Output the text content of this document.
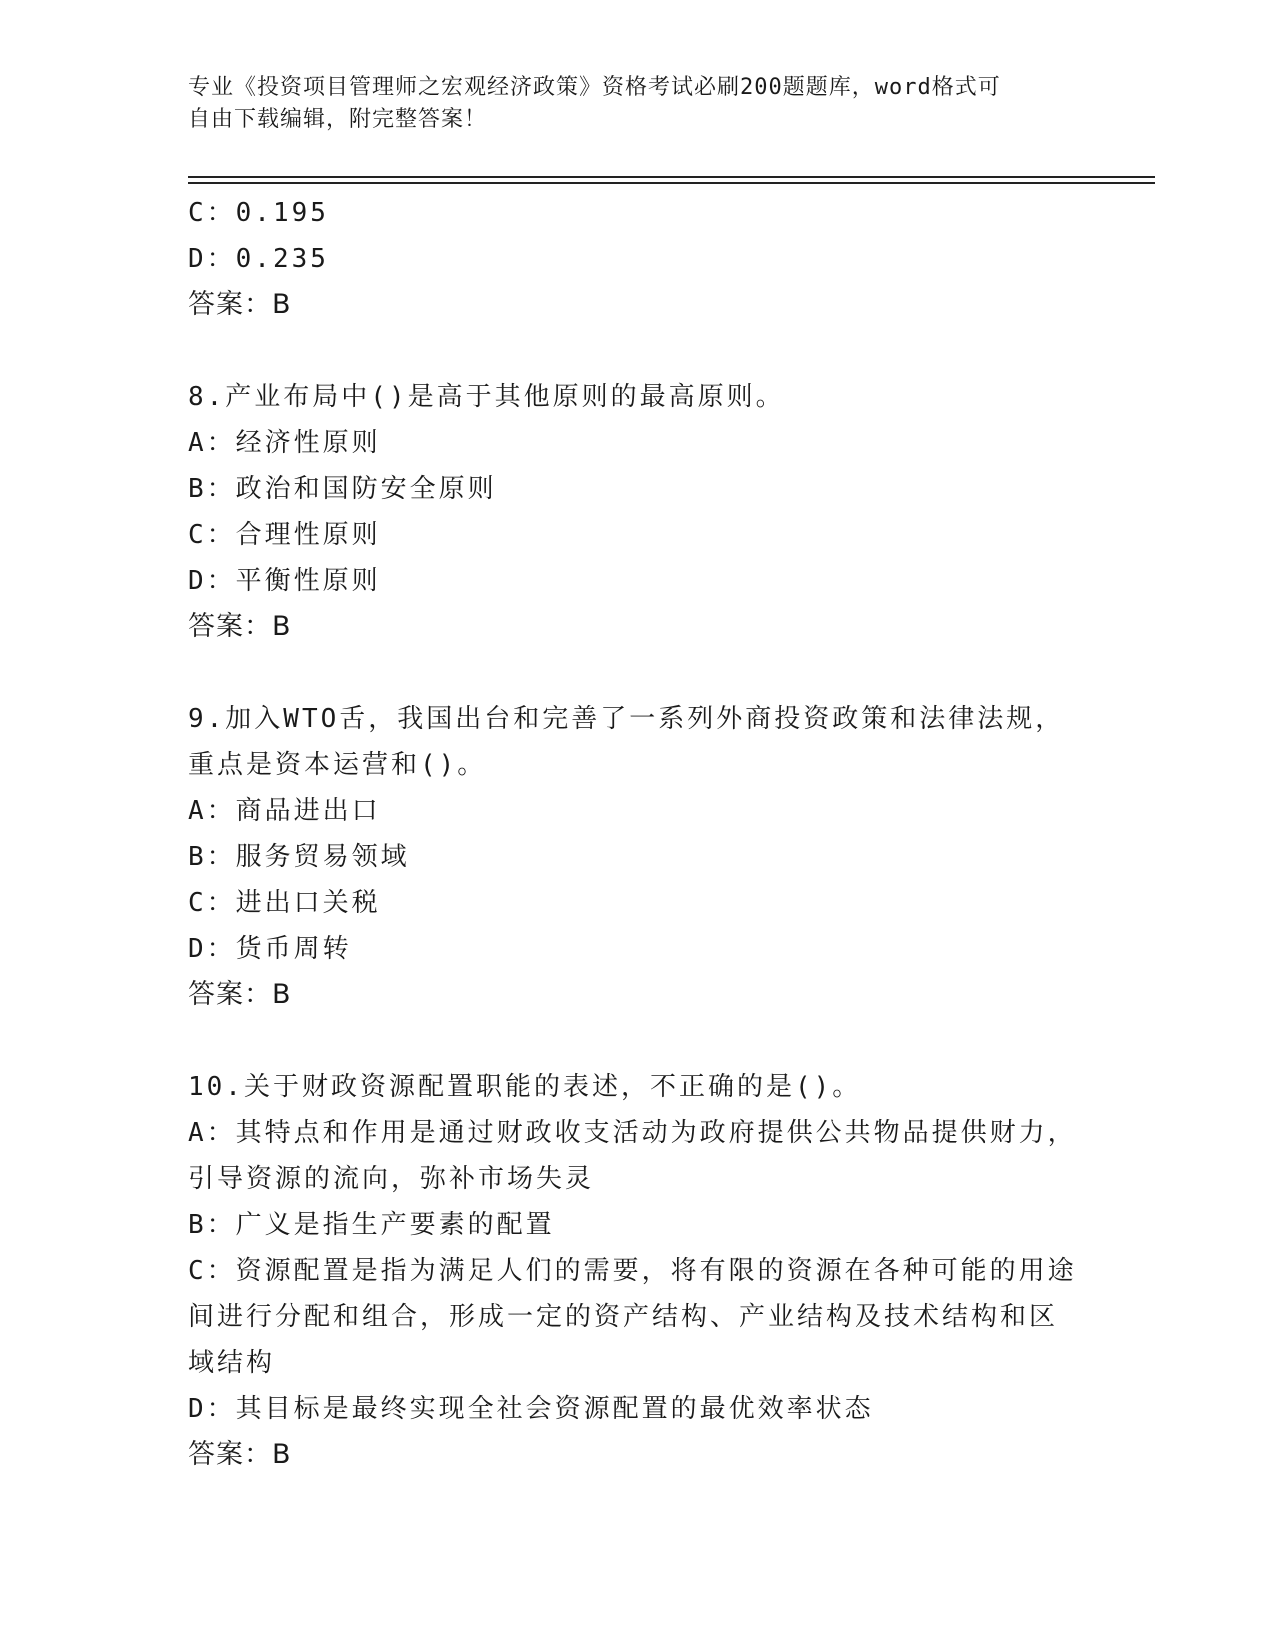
专业《投资项目管理师之宏观经济政策》资格考试必刷200题题库，word格式可
自由下载编辑，附完整答案！
C：0.195
D：0.235
答案：B
8.产业布局中()是高于其他原则的最高原则。
A：经济性原则
B：政治和国防安全原则
C：合理性原则
D：平衡性原则
答案：B
9.加入WTO舌，我国出台和完善了一系列外商投资政策和法律法规，
重点是资本运营和()。
A：商品进出口
B：服务贸易领域
C：进出口关税
D：货币周转
答案：B
10.关于财政资源配置职能的表述，不正确的是()。
A：其特点和作用是通过财政收支活动为政府提供公共物品提供财力，
引导资源的流向，弥补市场失灵
B：广义是指生产要素的配置
C：资源配置是指为满足人们的需要，将有限的资源在各种可能的用途
间进行分配和组合，形成一定的资产结构、产业结构及技术结构和区
域结构
D：其目标是最终实现全社会资源配置的最优效率状态
答案：B
